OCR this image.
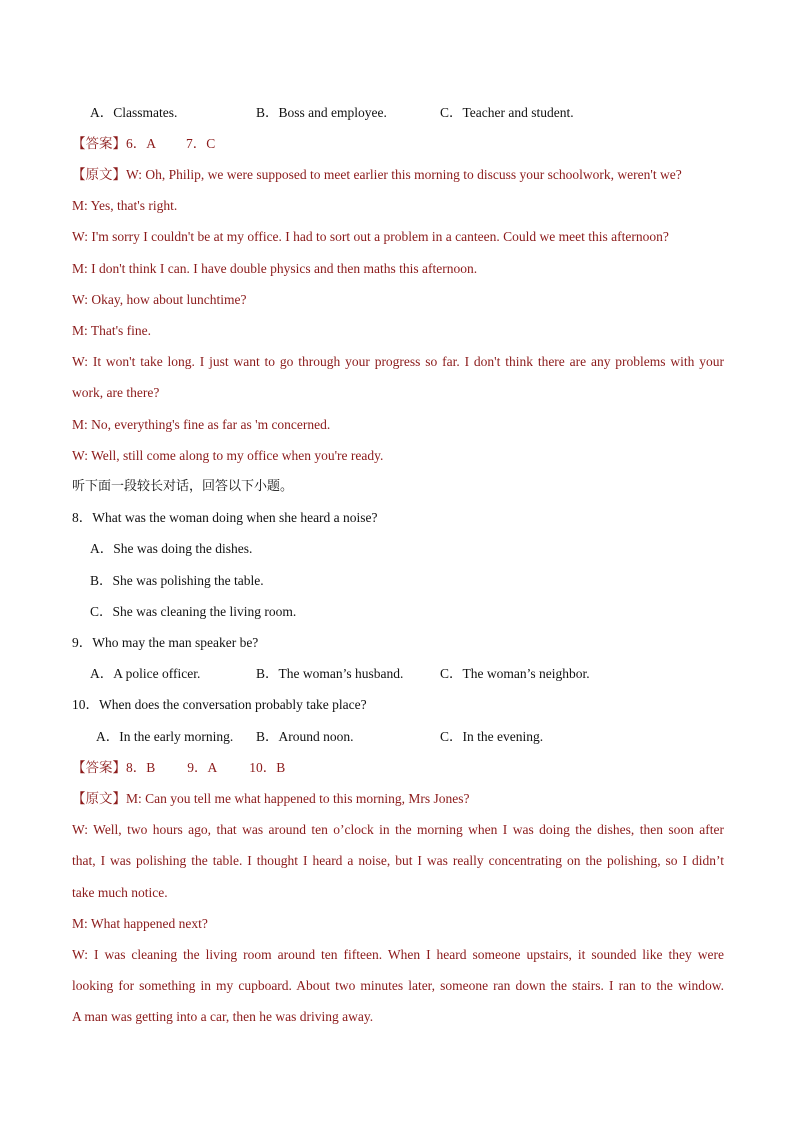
A．Classmates.	B．Boss and employee.	C．Teacher and student.
【答案】6．A 7．C
【原文】W: Oh, Philip, we were supposed to meet earlier this morning to discuss your schoolwork, weren't we?
M: Yes, that's right.
W: I'm sorry I couldn't be at my office. I had to sort out a problem in a canteen. Could we meet this afternoon?
M: I don't think I can. I have double physics and then maths this afternoon.
W: Okay, how about lunchtime?
M: That's fine.
W: It won't take long. I just want to go through your progress so far. I don't think there are any problems with your
work, are there?
M: No, everything's fine as far as 'm concerned.
W: Well, still come along to my office when you're ready.
听下面一段较长对话，回答以下小题。
8．What was the woman doing when she heard a noise?
A．She was doing the dishes.
B．She was polishing the table.
C．She was cleaning the living room.
9．Who may the man speaker be?
A．A police officer.	B．The woman’s husband.	C．The woman’s neighbor.
10．When does the conversation probably take place?
A．In the early morning. B．Around noon.	C．In the evening.
【答案】8．B 9．A 10．B
【原文】M: Can you tell me what happened to this morning, Mrs Jones?
W: Well, two hours ago, that was around ten o’clock in the morning when I was doing the dishes, then soon after
that, I was polishing the table. I thought I heard a noise, but I was really concentrating on the polishing, so I didn’t
take much notice.
M: What happened next?
W: I was cleaning the living room around ten fifteen. When I heard someone upstairs, it sounded like they were
looking for something in my cupboard. About two minutes later, someone ran down the stairs. I ran to the window.
A man was getting into a car, then he was driving away.
